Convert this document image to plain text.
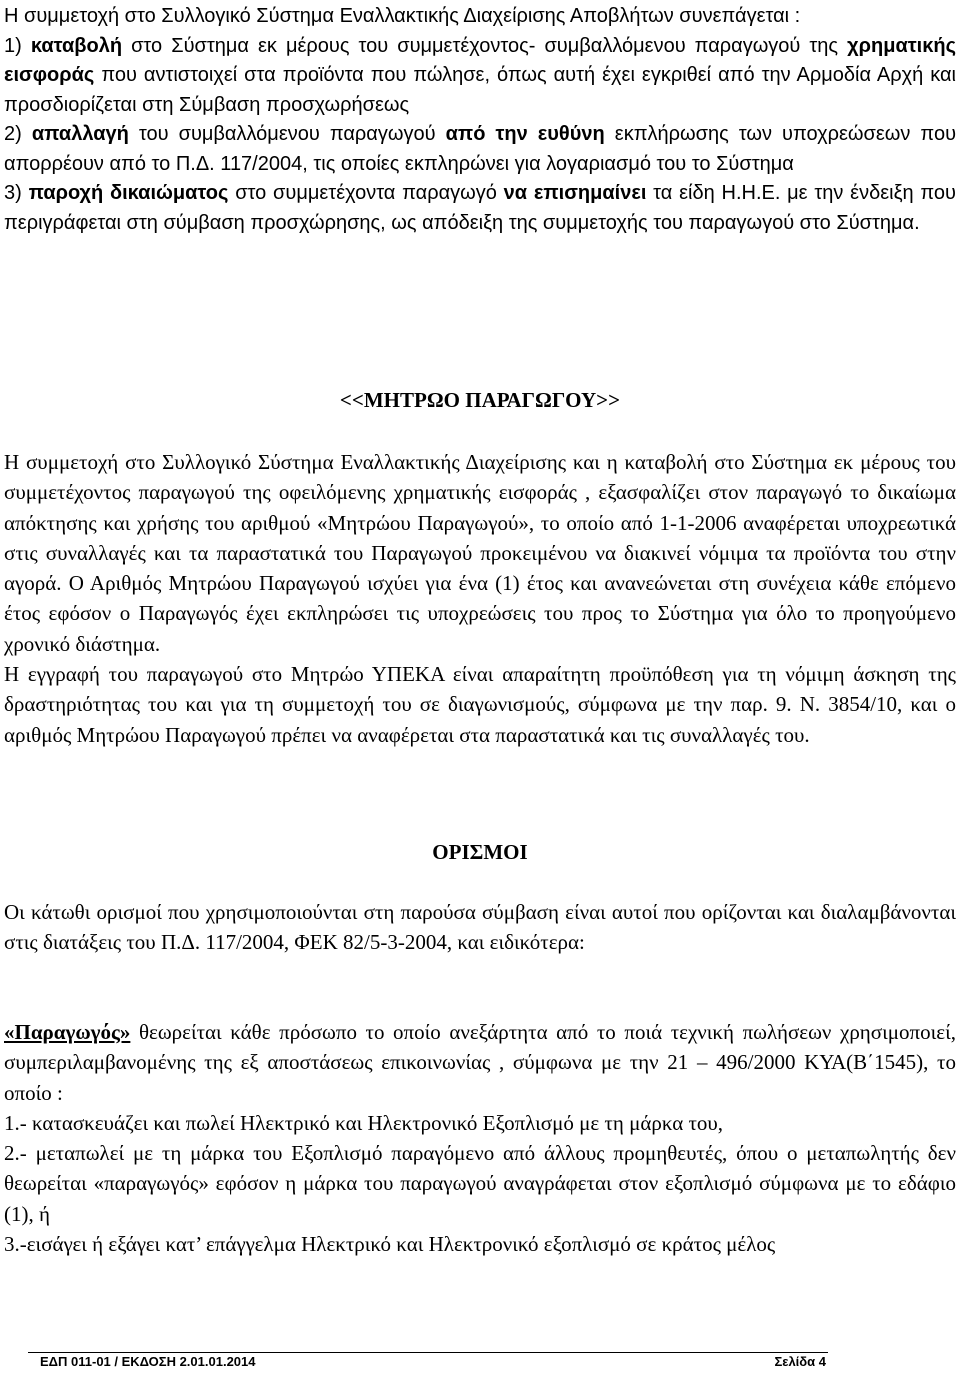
Η συμμετοχή στο Συλλογικό Σύστημα Εναλλακτικής Διαχείρισης Αποβλήτων συνεπάγεται :

1) καταβολή στο Σύστημα εκ μέρους του συμμετέχοντος- συμβαλλόμενου παραγωγού της χρηματικής εισφοράς που αντιστοιχεί στα προϊόντα που πώλησε, όπως αυτή έχει εγκριθεί από την Αρμοδία Αρχή και προσδιορίζεται στη Σύμβαση προσχωρήσεως

2) απαλλαγή του συμβαλλόμενου παραγωγού από την ευθύνη εκπλήρωσης των υποχρεώσεων που απορρέουν από το Π.Δ. 117/2004, τις οποίες εκπληρώνει για λογαριασμό του το Σύστημα

3) παροχή δικαιώματος στο συμμετέχοντα παραγωγό να επισημαίνει τα είδη Η.Η.Ε. με την ένδειξη που περιγράφεται στη σύμβαση προσχώρησης, ως απόδειξη της συμμετοχής του παραγωγού στο Σύστημα.

<<ΜΗΤΡΩΟ ΠΑΡΑΓΩΓΟΥ>>

Η συμμετοχή στο Συλλογικό Σύστημα Εναλλακτικής Διαχείρισης και η καταβολή στο Σύστημα εκ μέρους του συμμετέχοντος παραγωγού της οφειλόμενης χρηματικής εισφοράς , εξασφαλίζει στον παραγωγό το δικαίωμα απόκτησης και χρήσης του αριθμού «Μητρώου Παραγωγού», το οποίο από 1-1-2006 αναφέρεται υποχρεωτικά στις συναλλαγές και τα παραστατικά του Παραγωγού προκειμένου να διακινεί νόμιμα τα προϊόντα του στην αγορά. Ο Αριθμός Μητρώου Παραγωγού ισχύει για ένα (1) έτος και ανανεώνεται στη συνέχεια κάθε επόμενο έτος εφόσον ο Παραγωγός έχει εκπληρώσει τις υποχρεώσεις του προς το Σύστημα για όλο το προηγούμενο χρονικό διάστημα.

Η εγγραφή του παραγωγού στο Μητρώο ΥΠΕΚΑ είναι απαραίτητη προϋπόθεση για τη νόμιμη άσκηση της δραστηριότητας του και για τη συμμετοχή του σε διαγωνισμούς, σύμφωνα με την παρ. 9. Ν. 3854/10, και ο αριθμός Μητρώου Παραγωγού πρέπει να αναφέρεται στα παραστατικά και τις συναλλαγές του.

ΟΡΙΣΜΟΙ

Οι κάτωθι ορισμοί που χρησιμοποιούνται στη παρούσα σύμβαση είναι αυτοί που ορίζονται και διαλαμβάνονται στις διατάξεις του Π.Δ. 117/2004, ΦΕΚ 82/5-3-2004, και ειδικότερα:

«Παραγωγός» θεωρείται κάθε πρόσωπο το οποίο ανεξάρτητα από το ποιά τεχνική πωλήσεων χρησιμοποιεί, συμπεριλαμβανομένης της εξ αποστάσεως επικοινωνίας , σύμφωνα με την 21 – 496/2000 ΚΥΑ(Β΄1545), το οποίο :

1.- κατασκευάζει και πωλεί Ηλεκτρικό και Ηλεκτρονικό Εξοπλισμό με τη μάρκα του,

2.- μεταπωλεί με τη μάρκα του Εξοπλισμό παραγόμενο από άλλους προμηθευτές, όπου ο μεταπωλητής δεν θεωρείται «παραγωγός» εφόσον η μάρκα του παραγωγού αναγράφεται στον εξοπλισμό σύμφωνα με το εδάφιο (1), ή

3.-εισάγει ή εξάγει κατ’ επάγγελμα Ηλεκτρικό και Ηλεκτρονικό εξοπλισμό σε κράτος μέλος

ΕΔΠ 011-01 / ΕΚΔΟΣΗ 2.01.01.2014	Σελίδα 4
